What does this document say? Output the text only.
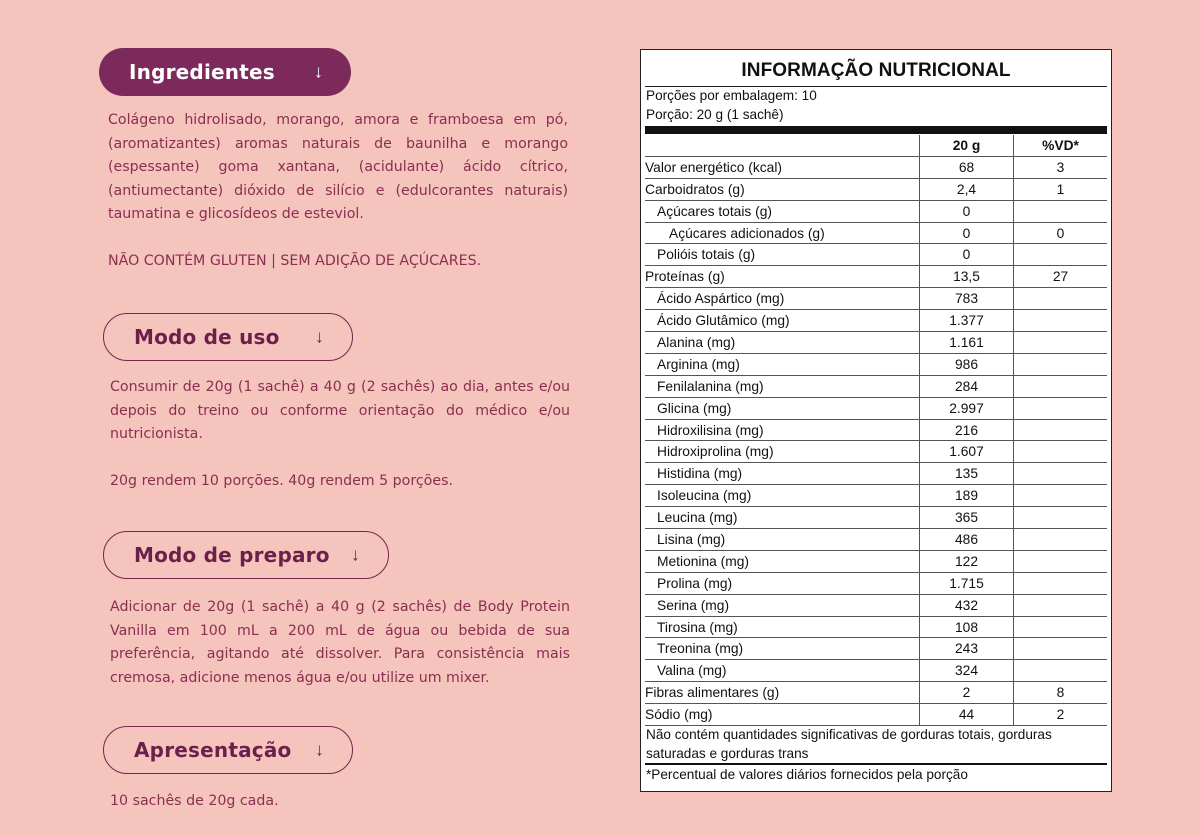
Ingredientes ↓
Colágeno hidrolisado, morango, amora e framboesa em pó, (aromatizantes) aromas naturais de baunilha e morango (espessante) goma xantana, (acidulante) ácido cítrico, (antiumectante) dióxido de silício e (edulcorantes naturais) taumatina e glicosídeos de esteviol.
NÃO CONTÉM GLUTEN | SEM ADIÇÃO DE AÇÚCARES.
Modo de uso ↓
Consumir de 20g (1 sachê) a 40 g (2 sachês) ao dia, antes e/ou depois do treino ou conforme orientação do médico e/ou nutricionista.
20g rendem 10 porções. 40g rendem 5 porções.
Modo de preparo ↓
Adicionar de 20g (1 sachê) a 40 g (2 sachês) de Body Protein Vanilla em 100 mL a 200 mL de água ou bebida de sua preferência, agitando até dissolver. Para consistência mais cremosa, adicione menos água e/ou utilize um mixer.
Apresentação ↓
10 sachês de 20g cada.
INFORMAÇÃO NUTRICIONAL
Porções por embalagem: 10
Porção: 20 g (1 sachê)
20 g	%VD*
Valor energético (kcal)	68	3
Carboidratos (g)	2,4	1
Açúcares totais (g)	0
Açúcares adicionados (g)	0	0
Polióis totais (g)	0
Proteínas (g)	13,5	27
Ácido Aspártico (mg)	783
Ácido Glutâmico (mg)	1.377
Alanina (mg)	1.161
Arginina (mg)	986
Fenilalanina (mg)	284
Glicina (mg)	2.997
Hidroxilisina (mg)	216
Hidroxiprolina (mg)	1.607
Histidina (mg)	135
Isoleucina (mg)	189
Leucina (mg)	365
Lisina (mg)	486
Metionina (mg)	122
Prolina (mg)	1.715
Serina (mg)	432
Tirosina (mg)	108
Treonina (mg)	243
Valina (mg)	324
Fibras alimentares (g)	2	8
Sódio (mg)	44	2
Não contém quantidades significativas de gorduras totais, gorduras saturadas e gorduras trans
*Percentual de valores diários fornecidos pela porção
